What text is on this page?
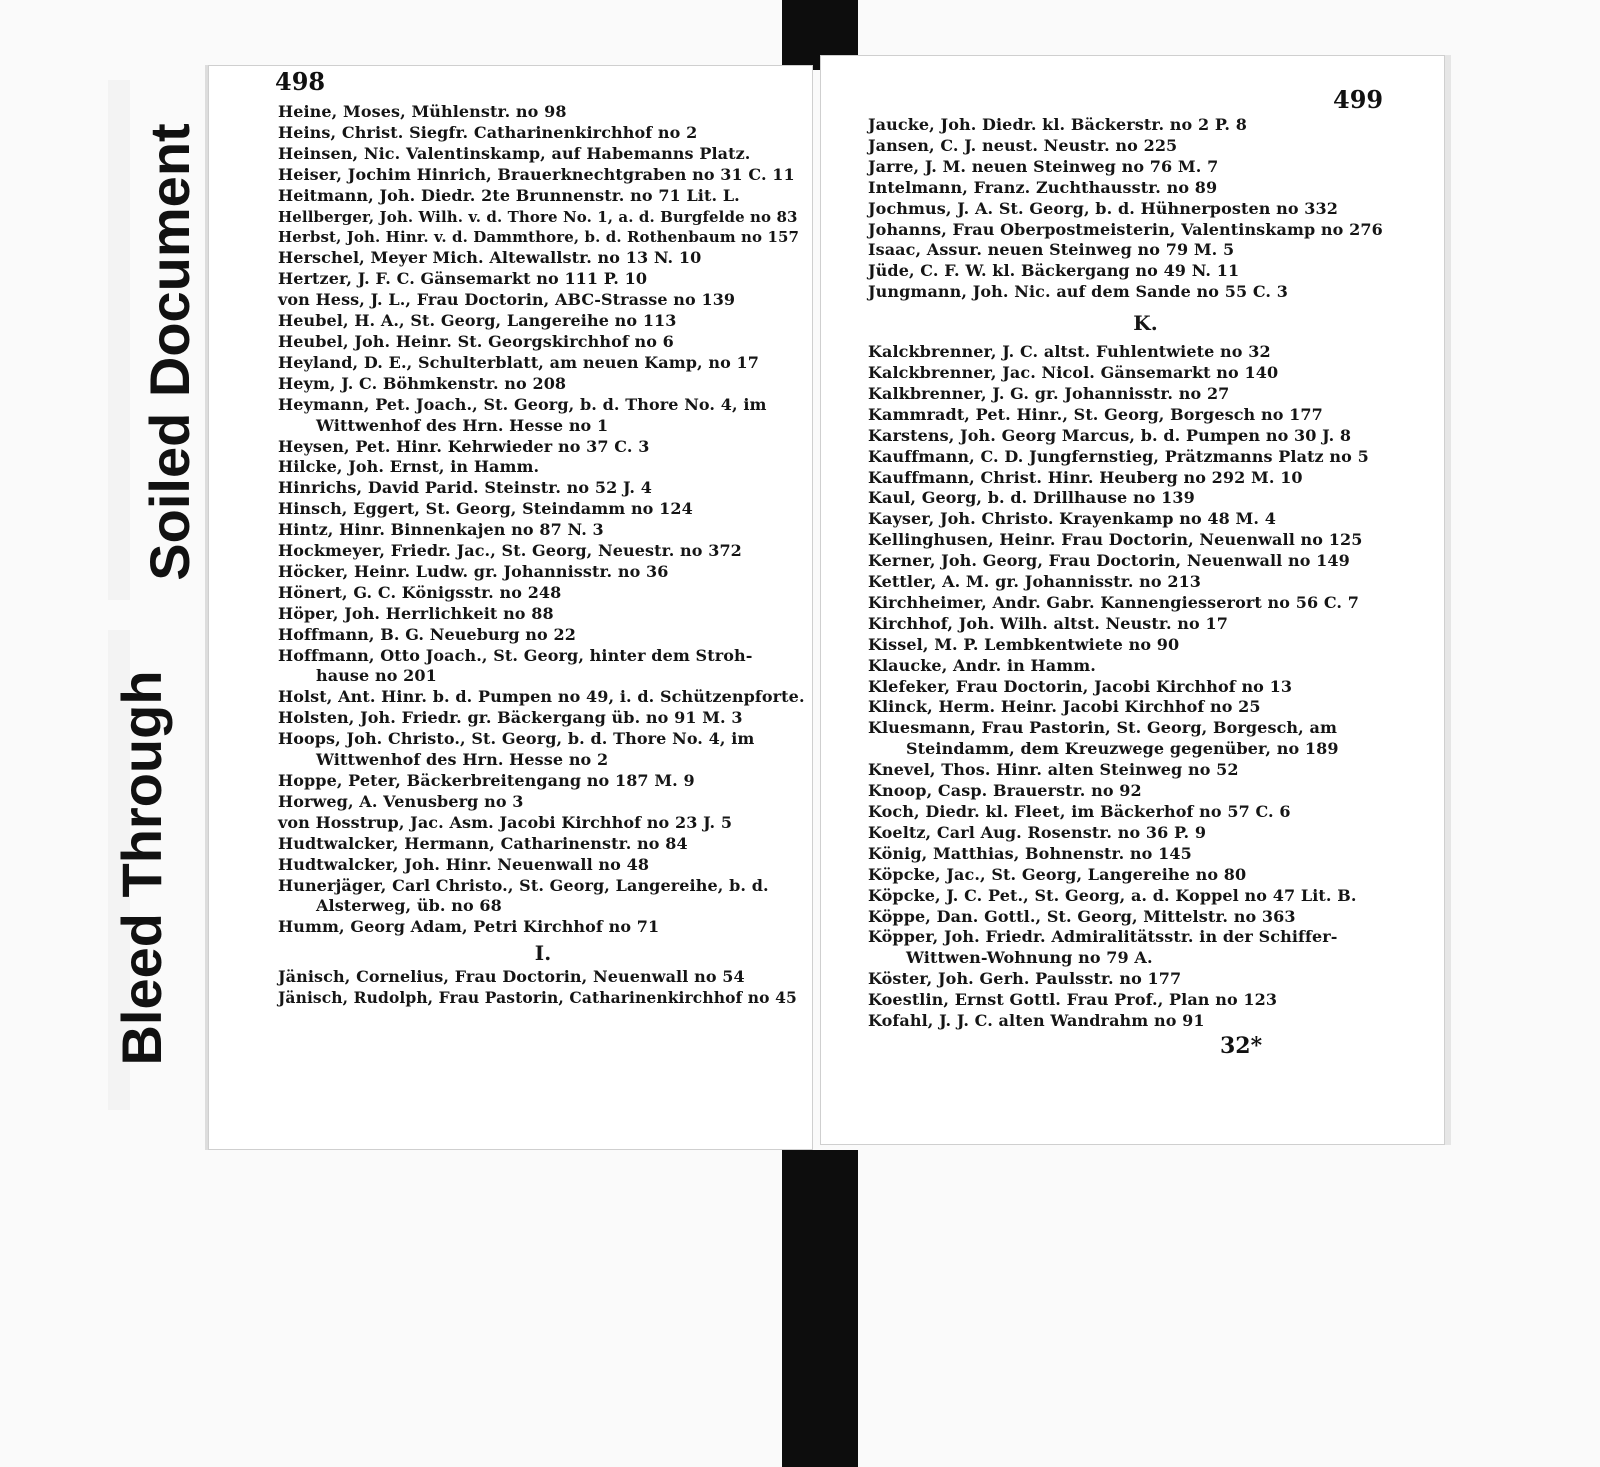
Soiled Document
Bleed Through
498
Heine, Moses, Mühlenstr. no 98
Heins, Christ. Siegfr. Catharinenkirchhof no 2
Heinsen, Nic. Valentinskamp, auf Habemanns Platz.
Heiser, Jochim Hinrich, Brauerknechtgraben no 31 C. 11
Heitmann, Joh. Diedr. 2te Brunnenstr. no 71 Lit. L.
Hellberger, Joh. Wilh. v. d. Thore No. 1, a. d. Burgfelde no 83
Herbst, Joh. Hinr. v. d. Dammthore, b. d. Rothenbaum no 157
Herschel, Meyer Mich. Altewallstr. no 13 N. 10
Hertzer, J. F. C. Gänsemarkt no 111 P. 10
von Hess, J. L., Frau Doctorin, ABC-Strasse no 139
Heubel, H. A., St. Georg, Langereihe no 113
Heubel, Joh. Heinr. St. Georgskirchhof no 6
Heyland, D. E., Schulterblatt, am neuen Kamp, no 17
Heym, J. C. Böhmkenstr. no 208
Heymann, Pet. Joach., St. Georg, b. d. Thore No. 4, im
Wittwenhof des Hrn. Hesse no 1
Heysen, Pet. Hinr. Kehrwieder no 37 C. 3
Hilcke, Joh. Ernst, in Hamm.
Hinrichs, David Parid. Steinstr. no 52 J. 4
Hinsch, Eggert, St. Georg, Steindamm no 124
Hintz, Hinr. Binnenkajen no 87 N. 3
Hockmeyer, Friedr. Jac., St. Georg, Neuestr. no 372
Höcker, Heinr. Ludw. gr. Johannisstr. no 36
Hönert, G. C. Königsstr. no 248
Höper, Joh. Herrlichkeit no 88
Hoffmann, B. G. Neueburg no 22
Hoffmann, Otto Joach., St. Georg, hinter dem Stroh-
hause no 201
Holst, Ant. Hinr. b. d. Pumpen no 49, i. d. Schützenpforte.
Holsten, Joh. Friedr. gr. Bäckergang üb. no 91 M. 3
Hoops, Joh. Christo., St. Georg, b. d. Thore No. 4, im
Wittwenhof des Hrn. Hesse no 2
Hoppe, Peter, Bäckerbreitengang no 187 M. 9
Horweg, A. Venusberg no 3
von Hosstrup, Jac. Asm. Jacobi Kirchhof no 23 J. 5
Hudtwalcker, Hermann, Catharinenstr. no 84
Hudtwalcker, Joh. Hinr. Neuenwall no 48
Hunerjäger, Carl Christo., St. Georg, Langereihe, b. d.
Alsterweg, üb. no 68
Humm, Georg Adam, Petri Kirchhof no 71
I.
Jänisch, Cornelius, Frau Doctorin, Neuenwall no 54
Jänisch, Rudolph, Frau Pastorin, Catharinenkirchhof no 45
499
Jaucke, Joh. Diedr. kl. Bäckerstr. no 2 P. 8
Jansen, C. J. neust. Neustr. no 225
Jarre, J. M. neuen Steinweg no 76 M. 7
Intelmann, Franz. Zuchthausstr. no 89
Jochmus, J. A. St. Georg, b. d. Hühnerposten no 332
Johanns, Frau Oberpostmeisterin, Valentinskamp no 276
Isaac, Assur. neuen Steinweg no 79 M. 5
Jüde, C. F. W. kl. Bäckergang no 49 N. 11
Jungmann, Joh. Nic. auf dem Sande no 55 C. 3
K.
Kalckbrenner, J. C. altst. Fuhlentwiete no 32
Kalckbrenner, Jac. Nicol. Gänsemarkt no 140
Kalkbrenner, J. G. gr. Johannisstr. no 27
Kammradt, Pet. Hinr., St. Georg, Borgesch no 177
Karstens, Joh. Georg Marcus, b. d. Pumpen no 30 J. 8
Kauffmann, C. D. Jungfernstieg, Prätzmanns Platz no 5
Kauffmann, Christ. Hinr. Heuberg no 292 M. 10
Kaul, Georg, b. d. Drillhause no 139
Kayser, Joh. Christo. Krayenkamp no 48 M. 4
Kellinghusen, Heinr. Frau Doctorin, Neuenwall no 125
Kerner, Joh. Georg, Frau Doctorin, Neuenwall no 149
Kettler, A. M. gr. Johannisstr. no 213
Kirchheimer, Andr. Gabr. Kannengiesserort no 56 C. 7
Kirchhof, Joh. Wilh. altst. Neustr. no 17
Kissel, M. P. Lembkentwiete no 90
Klaucke, Andr. in Hamm.
Klefeker, Frau Doctorin, Jacobi Kirchhof no 13
Klinck, Herm. Heinr. Jacobi Kirchhof no 25
Kluesmann, Frau Pastorin, St. Georg, Borgesch, am
Steindamm, dem Kreuzwege gegenüber, no 189
Knevel, Thos. Hinr. alten Steinweg no 52
Knoop, Casp. Brauerstr. no 92
Koch, Diedr. kl. Fleet, im Bäckerhof no 57 C. 6
Koeltz, Carl Aug. Rosenstr. no 36 P. 9
König, Matthias, Bohnenstr. no 145
Köpcke, Jac., St. Georg, Langereihe no 80
Köpcke, J. C. Pet., St. Georg, a. d. Koppel no 47 Lit. B.
Köppe, Dan. Gottl., St. Georg, Mittelstr. no 363
Köpper, Joh. Friedr. Admiralitätsstr. in der Schiffer-
Wittwen-Wohnung no 79 A.
Köster, Joh. Gerh. Paulsstr. no 177
Koestlin, Ernst Gottl. Frau Prof., Plan no 123
Kofahl, J. J. C. alten Wandrahm no 91
32*
